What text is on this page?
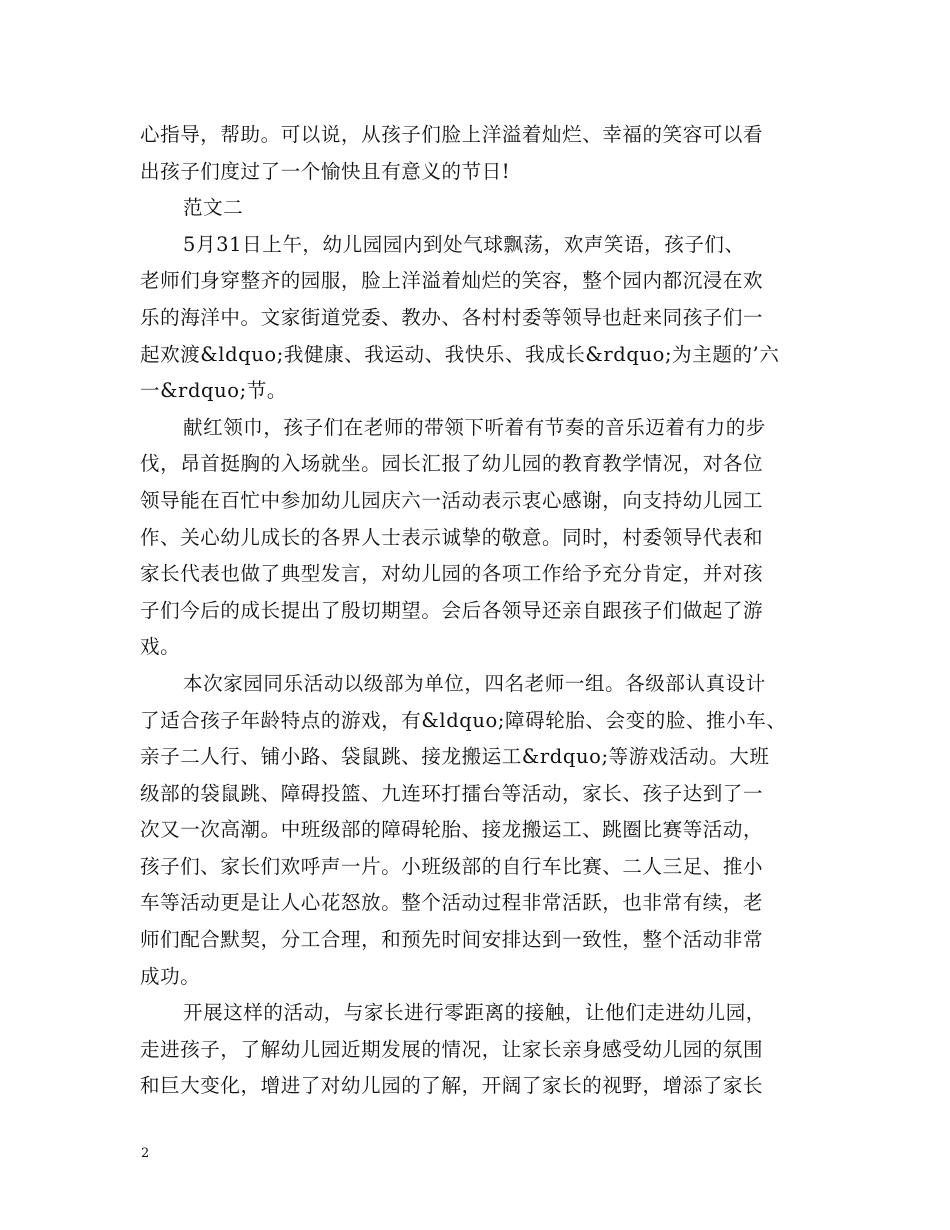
心指导，帮助。可以说，从孩子们脸上洋溢着灿烂、幸福的笑容可以看
出孩子们度过了一个愉快且有意义的节日!
范文二
5月31日上午，幼儿园园内到处气球飘荡，欢声笑语，孩子们、
老师们身穿整齐的园服，脸上洋溢着灿烂的笑容，整个园内都沉浸在欢
乐的海洋中。文家街道党委、教办、各村村委等领导也赶来同孩子们一
起欢渡&ldquo;我健康、我运动、我快乐、我成长&rdquo;为主题的’六
一&rdquo;节。
献红领巾，孩子们在老师的带领下听着有节奏的音乐迈着有力的步
伐，昂首挺胸的入场就坐。园长汇报了幼儿园的教育教学情况，对各位
领导能在百忙中参加幼儿园庆六一活动表示衷心感谢，向支持幼儿园工
作、关心幼儿成长的各界人士表示诚挚的敬意。同时，村委领导代表和
家长代表也做了典型发言，对幼儿园的各项工作给予充分肯定，并对孩
子们今后的成长提出了殷切期望。会后各领导还亲自跟孩子们做起了游
戏。
本次家园同乐活动以级部为单位，四名老师一组。各级部认真设计
了适合孩子年龄特点的游戏，有&ldquo;障碍轮胎、会变的脸、推小车、
亲子二人行、铺小路、袋鼠跳、接龙搬运工&rdquo;等游戏活动。大班
级部的袋鼠跳、障碍投篮、九连环打擂台等活动，家长、孩子达到了一
次又一次高潮。中班级部的障碍轮胎、接龙搬运工、跳圈比赛等活动，
孩子们、家长们欢呼声一片。小班级部的自行车比赛、二人三足、推小
车等活动更是让人心花怒放。整个活动过程非常活跃，也非常有续，老
师们配合默契，分工合理，和预先时间安排达到一致性，整个活动非常
成功。
开展这样的活动，与家长进行零距离的接触，让他们走进幼儿园，
走进孩子，了解幼儿园近期发展的情况，让家长亲身感受幼儿园的氛围
和巨大变化，增进了对幼儿园的了解，开阔了家长的视野，增添了家长
2
